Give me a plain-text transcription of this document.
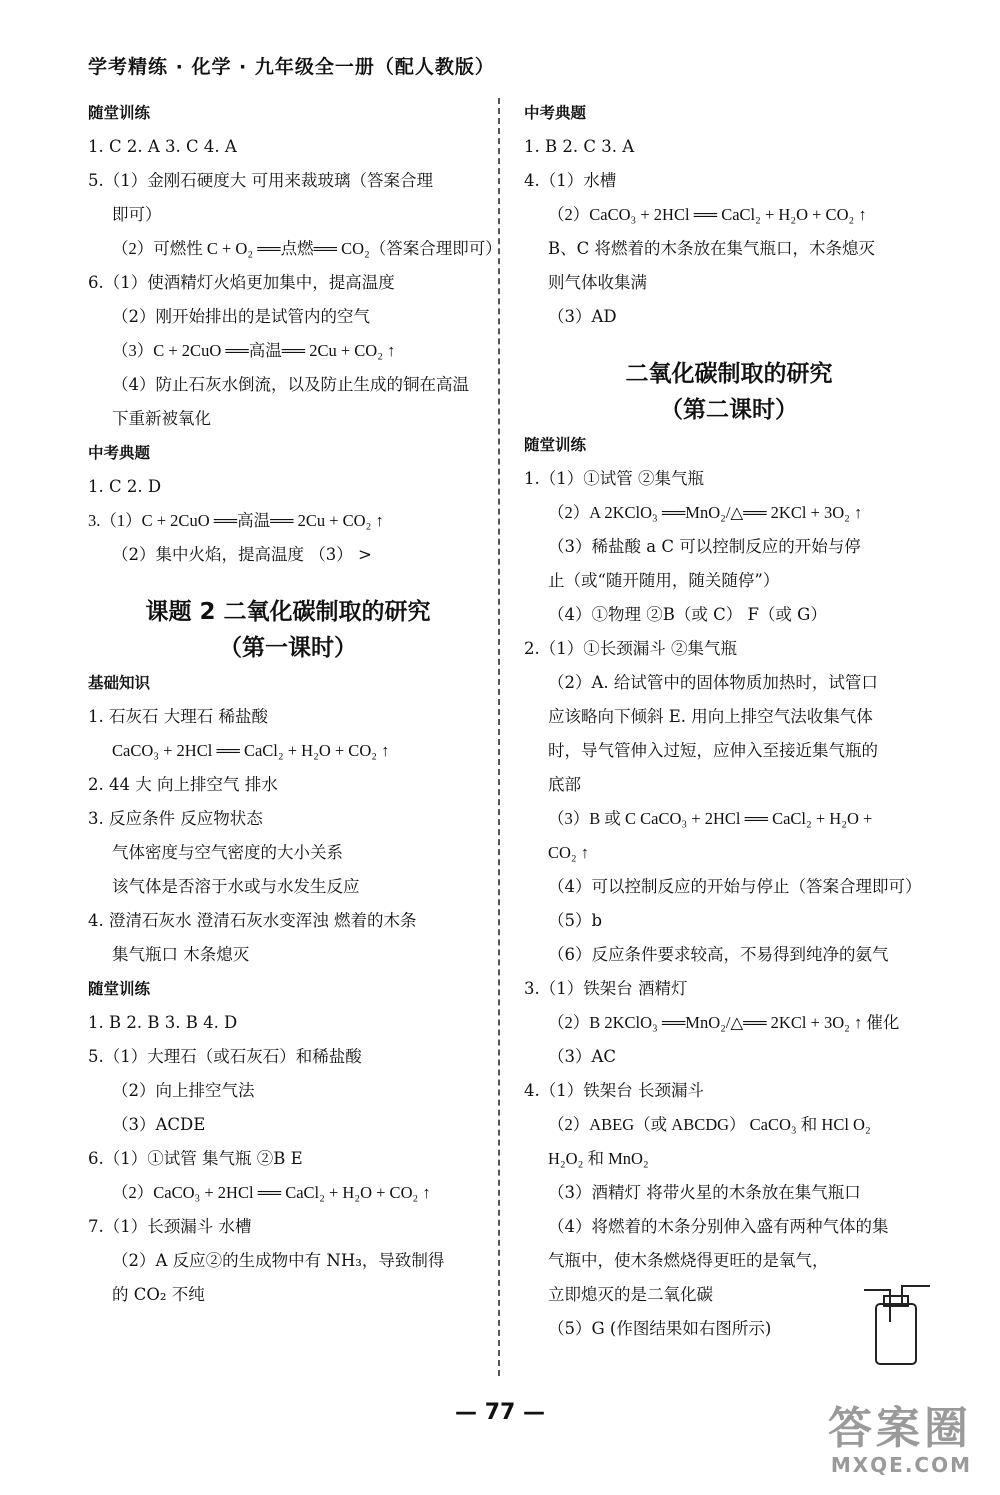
学考精练 · 化学 · 九年级全一册（配人教版）
随堂训练
1. C 2. A 3. C 4. A
5.（1）金刚石硬度大 可用来裁玻璃（答案合理
即可）
（2）可燃性 C + O₂ ══点燃══ CO₂（答案合理即可）
6.（1）使酒精灯火焰更加集中，提高温度
（2）刚开始排出的是试管内的空气
（3）C + 2CuO ══高温══ 2Cu + CO₂ ↑
（4）防止石灰水倒流，以及防止生成的铜在高温
下重新被氧化
中考典题
1. C 2. D
3.（1）C + 2CuO ══高温══ 2Cu + CO₂ ↑
（2）集中火焰，提高温度 （3） >
课题 2 二氧化碳制取的研究
（第一课时）
基础知识
1. 石灰石 大理石 稀盐酸
CaCO₃ + 2HCl ══ CaCl₂ + H₂O + CO₂ ↑
2. 44 大 向上排空气 排水
3. 反应条件 反应物状态
气体密度与空气密度的大小关系
该气体是否溶于水或与水发生反应
4. 澄清石灰水 澄清石灰水变浑浊 燃着的木条
集气瓶口 木条熄灭
随堂训练
1. B 2. B 3. B 4. D
5.（1）大理石（或石灰石）和稀盐酸
（2）向上排空气法
（3）ACDE
6.（1）①试管 集气瓶 ②B E
（2）CaCO₃ + 2HCl ══ CaCl₂ + H₂O + CO₂ ↑
7.（1）长颈漏斗 水槽
（2）A 反应②的生成物中有 NH₃，导致制得
的 CO₂ 不纯
中考典题
1. B 2. C 3. A
4.（1）水槽
（2）CaCO₃ + 2HCl ══ CaCl₂ + H₂O + CO₂ ↑
B、C 将燃着的木条放在集气瓶口，木条熄灭
则气体收集满
（3）AD
二氧化碳制取的研究
（第二课时）
随堂训练
1.（1）①试管 ②集气瓶
（2）A 2KClO₃ ══MnO₂/△══ 2KCl + 3O₂ ↑
（3）稀盐酸 a C 可以控制反应的开始与停
止（或“随开随用，随关随停”）
（4）①物理 ②B（或 C） F（或 G）
2.（1）①长颈漏斗 ②集气瓶
（2）A. 给试管中的固体物质加热时，试管口
应该略向下倾斜 E. 用向上排空气法收集气体
时，导气管伸入过短，应伸入至接近集气瓶的
底部
（3）B 或 C CaCO₃ + 2HCl ══ CaCl₂ + H₂O +
CO₂ ↑
（4）可以控制反应的开始与停止（答案合理即可）
（5）b
（6）反应条件要求较高，不易得到纯净的氨气
3.（1）铁架台 酒精灯
（2）B 2KClO₃ ══MnO₂/△══ 2KCl + 3O₂ ↑ 催化
（3）AC
4.（1）铁架台 长颈漏斗
（2）ABEG（或 ABCDG） CaCO₃ 和 HCl O₂
H₂O₂ 和 MnO₂
（3）酒精灯 将带火星的木条放在集气瓶口
（4）将燃着的木条分别伸入盛有两种气体的集
气瓶中，使木条燃烧得更旺的是氧气，
立即熄灭的是二氧化碳
（5）G (作图结果如右图所示)
— 77 —	答案圈
MXQE.COM
